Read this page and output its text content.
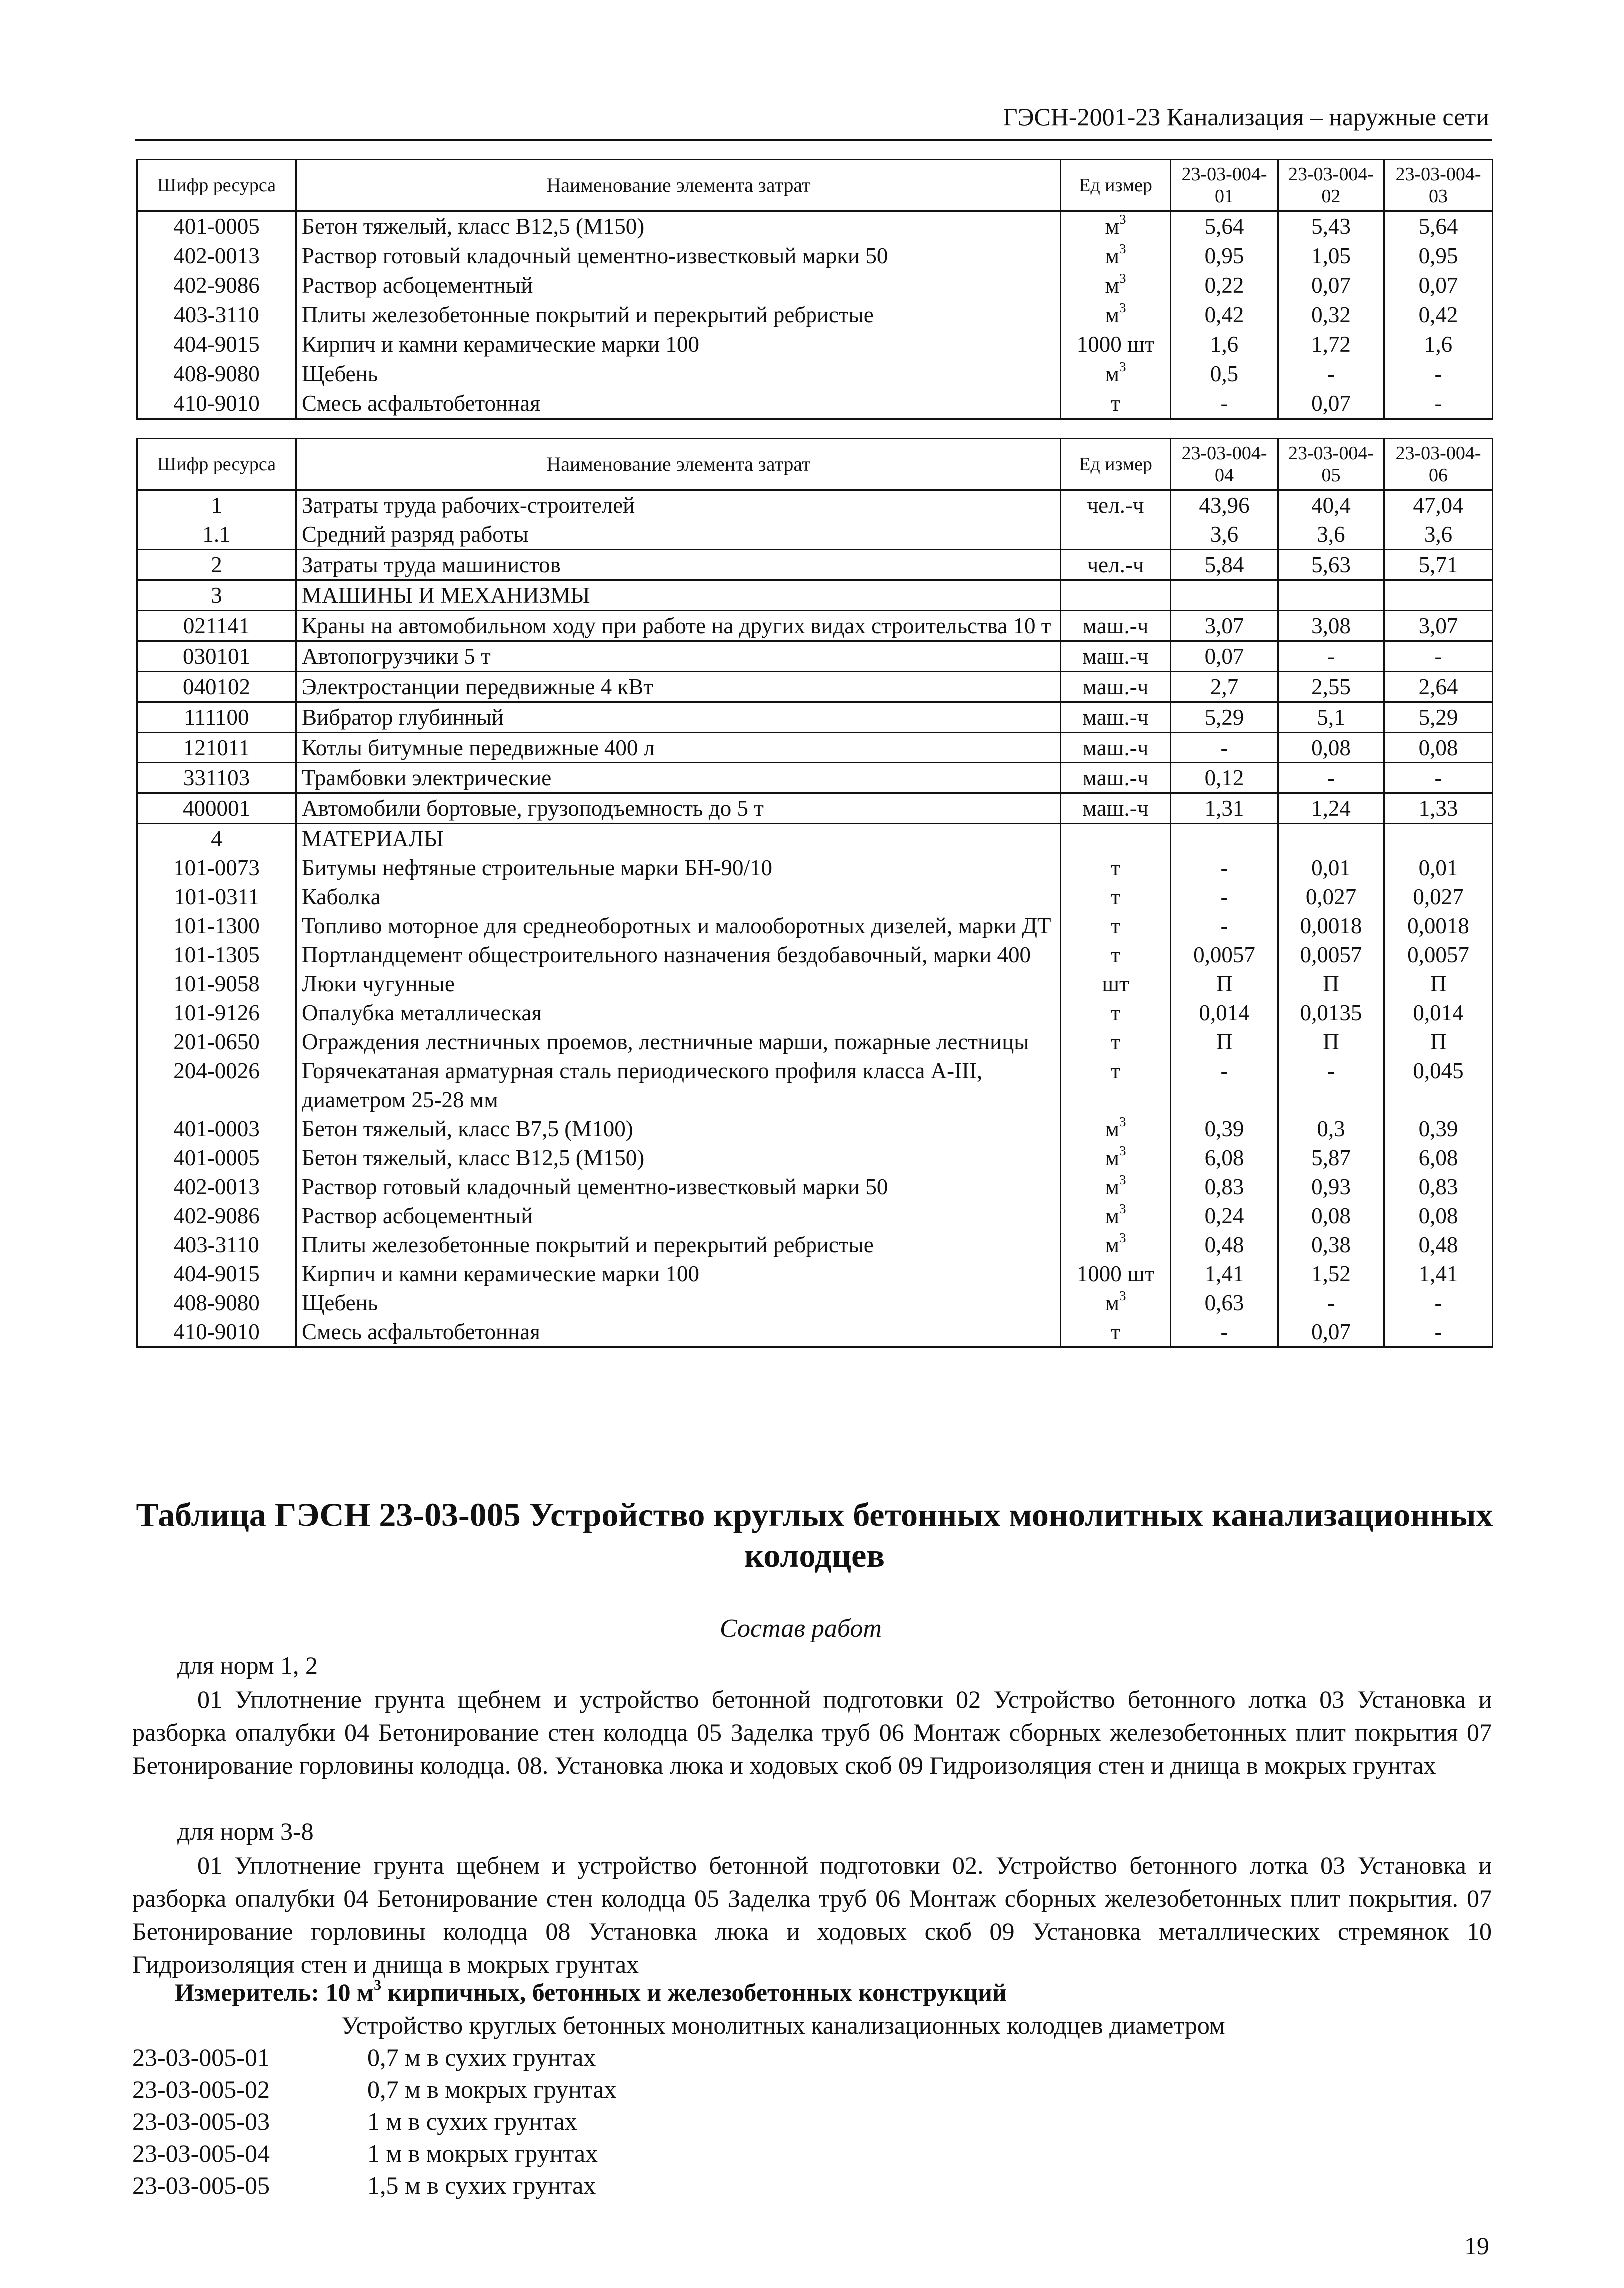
ГЭСН-2001-23 Канализация – наружные сети
Шифр ресурса	Наименование элемента затрат	Ед измер	23-03-004-01	23-03-004-02	23-03-004-03
401-0005	Бетон тяжелый, класс В12,5 (М150)	$м^3$	5,64	5,43	5,64
402-0013	Раствор готовый кладочный цементно-известковый марки 50	$м^3$	0,95	1,05	0,95
402-9086	Раствор асбоцементный	$м^3$	0,22	0,07	0,07
403-3110	Плиты железобетонные покрытий и перекрытий ребристые	$м^3$	0,42	0,32	0,42
404-9015	Кирпич и камни керамические марки 100	1000 шт	1,6	1,72	1,6
408-9080	Щебень	$м^3$	0,5	-	-
410-9010	Смесь асфальтобетонная	т	-	0,07	-
Шифр ресурса	Наименование элемента затрат	Ед измер	23-03-004-04	23-03-004-05	23-03-004-06
1	Затраты труда рабочих-строителей	чел.-ч	43,96	40,4	47,04
1.1	Средний разряд работы		3,6	3,6	3,6
2	Затраты труда машинистов	чел.-ч	5,84	5,63	5,71
3	МАШИНЫ И МЕХАНИЗМЫ				
021141	Краны на автомобильном ходу при работе на других видах строительства 10 т	маш.-ч	3,07	3,08	3,07
030101	Автопогрузчики 5 т	маш.-ч	0,07	-	-
040102	Электростанции передвижные 4 кВт	маш.-ч	2,7	2,55	2,64
111100	Вибратор глубинный	маш.-ч	5,29	5,1	5,29
121011	Котлы битумные передвижные 400 л	маш.-ч	-	0,08	0,08
331103	Трамбовки электрические	маш.-ч	0,12	-	-
400001	Автомобили бортовые, грузоподъемность до 5 т	маш.-ч	1,31	1,24	1,33
4	МАТЕРИАЛЫ				
101-0073	Битумы нефтяные строительные марки БН-90/10	т	-	0,01	0,01
101-0311	Каболка	т	-	0,027	0,027
101-1300	Топливо моторное для среднеоборотных и малооборотных дизелей, марки ДТ	т	-	0,0018	0,0018
101-1305	Портландцемент общестроительного назначения бездобавочный, марки 400	т	0,0057	0,0057	0,0057
101-9058	Люки чугунные	шт	П	П	П
101-9126	Опалубка металлическая	т	0,014	0,0135	0,014
201-0650	Ограждения лестничных проемов, лестничные марши, пожарные лестницы	т	П	П	П
204-0026	Горячекатаная арматурная сталь периодического профиля класса А-III, диаметром 25-28 мм	т	-	-	0,045
401-0003	Бетон тяжелый, класс В7,5 (М100)	$м^3$	0,39	0,3	0,39
401-0005	Бетон тяжелый, класс В12,5 (М150)	$м^3$	6,08	5,87	6,08
402-0013	Раствор готовый кладочный цементно-известковый марки 50	$м^3$	0,83	0,93	0,83
402-9086	Раствор асбоцементный	$м^3$	0,24	0,08	0,08
403-3110	Плиты железобетонные покрытий и перекрытий ребристые	$м^3$	0,48	0,38	0,48
404-9015	Кирпич и камни керамические марки 100	1000 шт	1,41	1,52	1,41
408-9080	Щебень	$м^3$	0,63	-	-
410-9010	Смесь асфальтобетонная	т	-	0,07	-
Таблица ГЭСН 23-03-005 Устройство круглых бетонных монолитных канализационных колодцев
Состав работ
для норм 1, 2
01 Уплотнение грунта щебнем и устройство бетонной подготовки 02 Устройство бетонного лотка 03 Установка и разборка опалубки 04 Бетонирование стен колодца 05 Заделка труб 06 Монтаж сборных железобетонных плит покрытия 07 Бетонирование горловины колодца. 08. Установка люка и ходовых скоб 09 Гидроизоляция стен и днища в мокрых грунтах
для норм 3-8
01 Уплотнение грунта щебнем и устройство бетонной подготовки 02. Устройство бетонного лотка 03 Установка и разборка опалубки 04 Бетонирование стен колодца 05 Заделка труб 06 Монтаж сборных железобетонных плит покрытия. 07 Бетонирование горловины колодца 08 Установка люка и ходовых скоб 09 Установка металлических стремянок 10 Гидроизоляция стен и днища в мокрых грунтах
Измеритель: 10 $м^3$ кирпичных, бетонных и железобетонных конструкций
Устройство круглых бетонных монолитных канализационных колодцев диаметром
23-03-005-01	0,7 м в сухих грунтах
23-03-005-02	0,7 м в мокрых грунтах
23-03-005-03	1 м в сухих грунтах
23-03-005-04	1 м в мокрых грунтах
23-03-005-05	1,5 м в сухих грунтах
19
